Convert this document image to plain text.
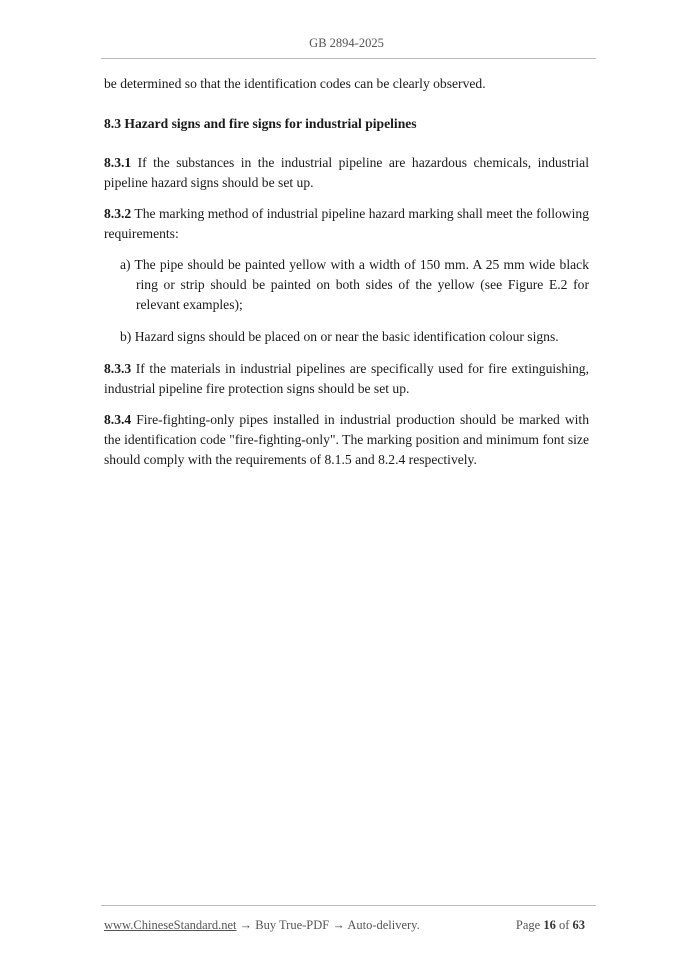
GB 2894-2025

be determined so that the identification codes can be clearly observed.

8.3 Hazard signs and fire signs for industrial pipelines

8.3.1 If the substances in the industrial pipeline are hazardous chemicals, industrial pipeline hazard signs should be set up.

8.3.2 The marking method of industrial pipeline hazard marking shall meet the following requirements:

a) The pipe should be painted yellow with a width of 150 mm. A 25 mm wide black ring or strip should be painted on both sides of the yellow (see Figure E.2 for relevant examples);

b) Hazard signs should be placed on or near the basic identification colour signs.

8.3.3 If the materials in industrial pipelines are specifically used for fire extinguishing, industrial pipeline fire protection signs should be set up.

8.3.4 Fire-fighting-only pipes installed in industrial production should be marked with the identification code "fire-fighting-only". The marking position and minimum font size should comply with the requirements of 8.1.5 and 8.2.4 respectively.

www.ChineseStandard.net → Buy True-PDF → Auto-delivery.	Page 16 of 63
